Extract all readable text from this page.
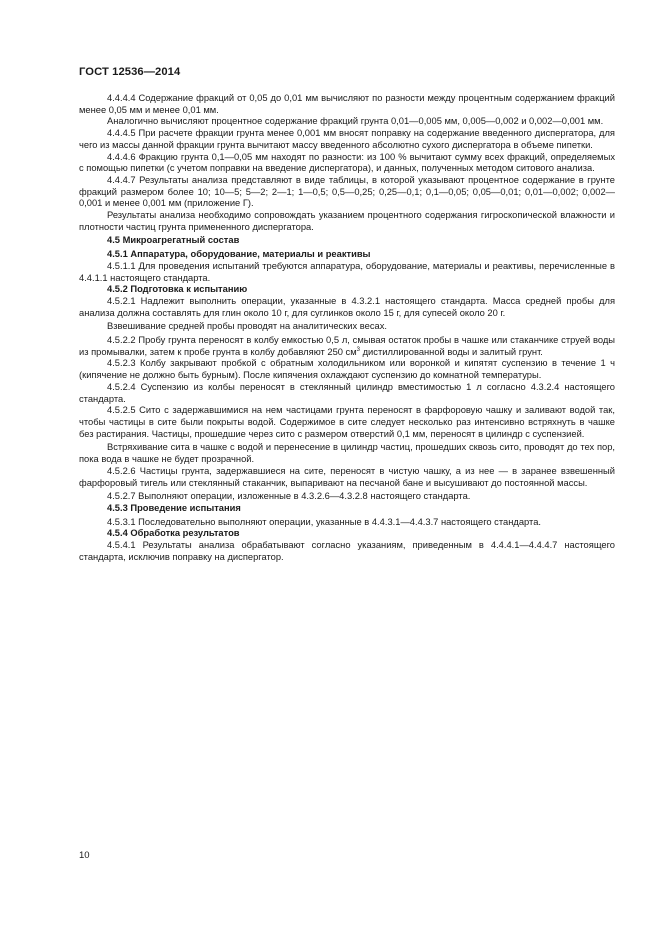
ГОСТ 12536—2014

4.4.4.4 Содержание фракций от 0,05 до 0,01 мм вычисляют по разности между процентным содержанием фракций менее 0,05 мм и менее 0,01 мм.

Аналогично вычисляют процентное содержание фракций грунта 0,01—0,005 мм, 0,005—0,002 и 0,002—0,001 мм.

4.4.4.5 При расчете фракции грунта менее 0,001 мм вносят поправку на содержание введенного диспергатора, для чего из массы данной фракции грунта вычитают массу введенного абсолютно сухого диспергатора в объеме пипетки.

4.4.4.6 Фракцию грунта 0,1—0,05 мм находят по разности: из 100 % вычитают сумму всех фракций, определяемых с помощью пипетки (с учетом поправки на введение диспергатора), и данных, полученных методом ситового анализа.

4.4.4.7 Результаты анализа представляют в виде таблицы, в которой указывают процентное содержание в грунте фракций размером более 10; 10—5; 5—2; 2—1; 1—0,5; 0,5—0,25; 0,25—0,1; 0,1—0,05; 0,05—0,01; 0,01—0,002; 0,002—0,001 и менее 0,001 мм (приложение Г).

Результаты анализа необходимо сопровождать указанием процентного содержания гигроскопической влажности и плотности частиц грунта примененного диспергатора.

4.5 Микроагрегатный состав

4.5.1 Аппаратура, оборудование, материалы и реактивы

4.5.1.1 Для проведения испытаний требуются аппаратура, оборудование, материалы и реактивы, перечисленные в 4.4.1.1 настоящего стандарта.

4.5.2 Подготовка к испытанию

4.5.2.1 Надлежит выполнить операции, указанные в 4.3.2.1 настоящего стандарта. Масса средней пробы для анализа должна составлять для глин около 10 г, для суглинков около 15 г, для супесей около 20 г.

Взвешивание средней пробы проводят на аналитических весах.

4.5.2.2 Пробу грунта переносят в колбу емкостью 0,5 л, смывая остаток пробы в чашке или стаканчике струей воды из промывалки, затем к пробе грунта в колбу добавляют 250 $см^3$ дистиллированной воды и залитый грунт.

4.5.2.3 Колбу закрывают пробкой с обратным холодильником или воронкой и кипятят суспензию в течение 1 ч (кипячение не должно быть бурным). После кипячения охлаждают суспензию до комнатной температуры.

4.5.2.4 Суспензию из колбы переносят в стеклянный цилиндр вместимостью 1 л согласно 4.3.2.4 настоящего стандарта.

4.5.2.5 Сито с задержавшимися на нем частицами грунта переносят в фарфоровую чашку и заливают водой так, чтобы частицы в сите были покрыты водой. Содержимое в сите следует несколько раз интенсивно встряхнуть в чашке без растирания. Частицы, прошедшие через сито с размером отверстий 0,1 мм, переносят в цилиндр с суспензией.

Встряхивание сита в чашке с водой и перенесение в цилиндр частиц, прошедших сквозь сито, проводят до тех пор, пока вода в чашке не будет прозрачной.

4.5.2.6 Частицы грунта, задержавшиеся на сите, переносят в чистую чашку, а из нее — в заранее взвешенный фарфоровый тигель или стеклянный стаканчик, выпаривают на песчаной бане и высушивают до постоянной массы.

4.5.2.7 Выполняют операции, изложенные в 4.3.2.6—4.3.2.8 настоящего стандарта.

4.5.3 Проведение испытания

4.5.3.1 Последовательно выполняют операции, указанные в 4.4.3.1—4.4.3.7 настоящего стандарта.

4.5.4 Обработка результатов

4.5.4.1 Результаты анализа обрабатывают согласно указаниям, приведенным в 4.4.4.1—4.4.4.7 настоящего стандарта, исключив поправку на диспергатор.

10
